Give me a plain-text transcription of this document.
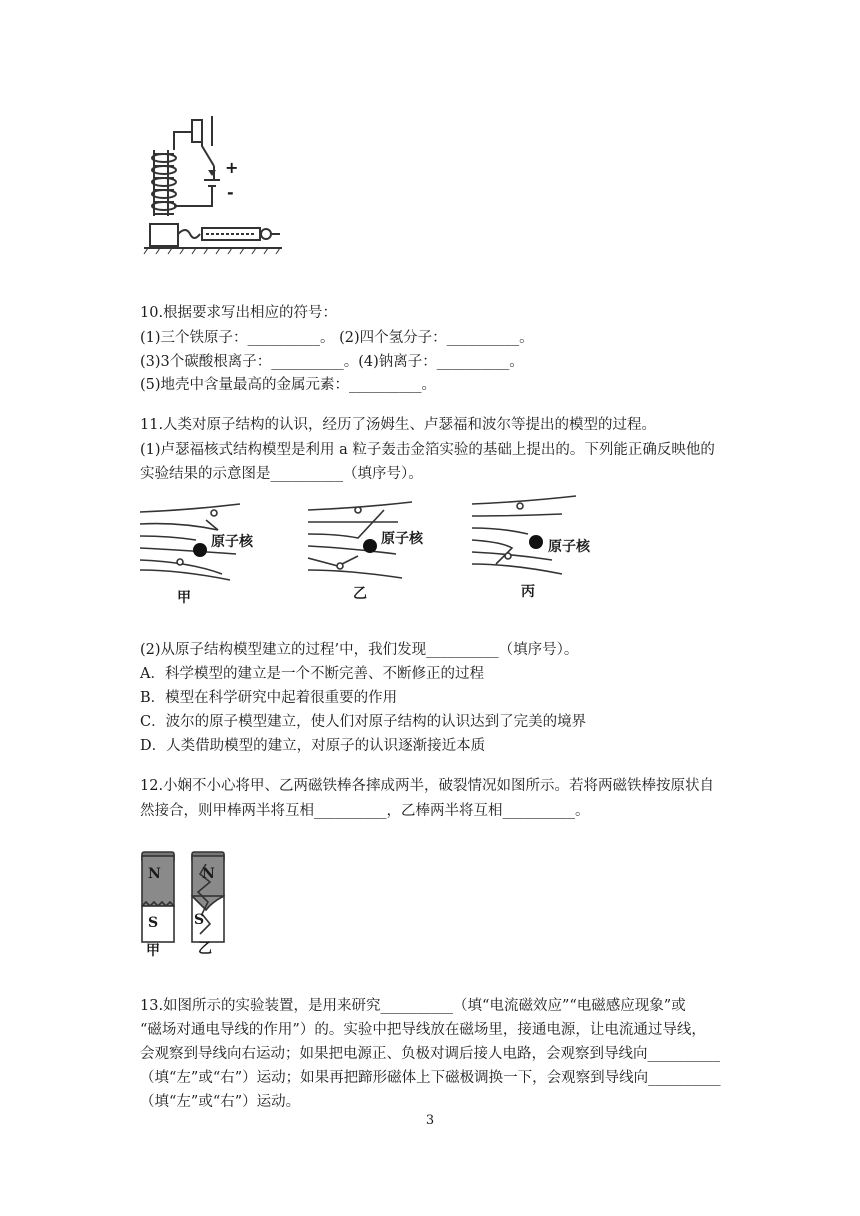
+
-
10.根据要求写出相应的符号：
(1)三个铁原子：__________。 (2)四个氢分子：__________。
(3)3个碳酸根离子：__________。(4)钠离子：__________。
(5)地壳中含量最高的金属元素：__________。
11.人类对原子结构的认识，经历了汤姆生、卢瑟福和波尔等提出的模型的过程。
(1)卢瑟福核式结构模型是利用 a 粒子轰击金箔实验的基础上提出的。下列能正确反映他的
实验结果的示意图是__________（填序号）。
原子核
甲
原子核
乙
原子核
丙
(2)从原子结构模型建立的过程’中，我们发现__________（填序号）。
A．科学模型的建立是一个不断完善、不断修正的过程
B．模型在科学研究中起着很重要的作用
C．波尔的原子模型建立，使人们对原子结构的认识达到了完美的境界
D．人类借助模型的建立，对原子的认识逐渐接近本质
12.小娴不小心将甲、乙两磁铁棒各摔成两半，破裂情况如图所示。若将两磁铁棒按原状自
然接合，则甲棒两半将互相__________，乙棒两半将互相__________。
N
S
N
S
甲	乙
13.如图所示的实验装置，是用来研究__________（填“电流磁效应”“电磁感应现象”或
“磁场对通电导线的作用”）的。实验中把导线放在磁场里，接通电源，让电流通过导线，
会观察到导线向右运动；如果把电源正、负极对调后接人电路，会观察到导线向__________
（填“左”或“右”）运动；如果再把蹄形磁体上下磁极调换一下，会观察到导线向__________
（填“左”或“右”）运动。
3
